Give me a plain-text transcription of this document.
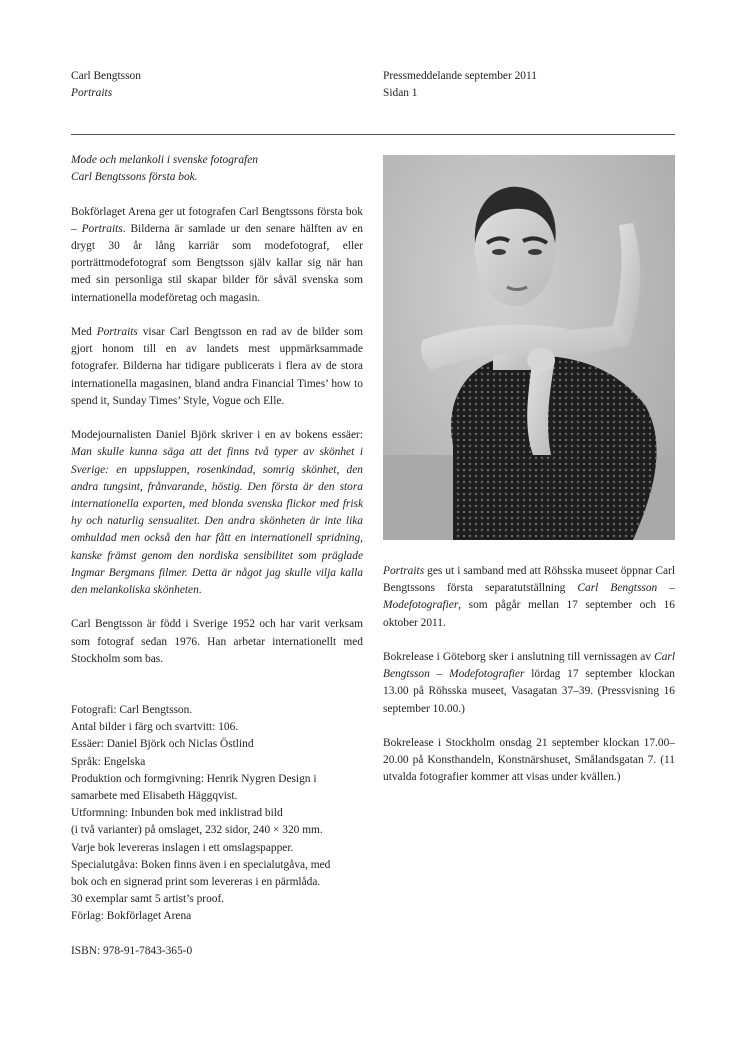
Carl Bengtsson
Portraits
Pressmeddelande september 2011
Sidan 1

Mode och melankoli i svenske fotografen
Carl Bengtssons första bok.

Bokförlaget Arena ger ut fotografen Carl Bengtssons första bok – Portraits. Bilderna är samlade ur den senare hälften av en drygt 30 år lång karriär som modefotograf, eller porträttmodefotograf som Bengtsson själv kallar sig när han med sin personliga stil skapar bilder för såväl svenska som internationella modeföretag och magasin.

Med Portraits visar Carl Bengtsson en rad av de bilder som gjort honom till en av landets mest uppmärksammade fotografer. Bilderna har tidigare publicerats i flera av de stora internationella magasinen, bland andra Financial Times’ how to spend it, Sunday Times’ Style, Vogue och Elle.

Modejournalisten Daniel Björk skriver i en av bokens essäer: Man skulle kunna säga att det finns två typer av skönhet i Sverige: en uppsluppen, rosenkindad, somrig skönhet, den andra tungsint, frånvarande, höstig. Den första är den stora internationella exporten, med blonda svenska flickor med frisk hy och naturlig sensualitet. Den andra skönheten är inte lika omhuldad men också den har fått en internationell spridning, kanske främst genom den nordiska sensibilitet som präglade Ingmar Bergmans filmer. Detta är något jag skulle vilja kalla den melankoliska skönheten.

Carl Bengtsson är född i Sverige 1952 och har varit verksam som fotograf sedan 1976. Han arbetar internationellt med Stockholm som bas.

Fotografi: Carl Bengtsson.
Antal bilder i färg och svartvitt: 106.
Essäer: Daniel Björk och Niclas Östlind
Språk: Engelska
Produktion och formgivning: Henrik Nygren Design i
samarbete med Elisabeth Häggqvist.
Utformning: Inbunden bok med inklistrad bild
(i två varianter) på omslaget, 232 sidor, 240 × 320 mm.
Varje bok levereras inslagen i ett omslagspapper.
Specialutgåva: Boken finns även i en specialutgåva, med
bok och en signerad print som levereras i en pärmlåda.
30 exemplar samt 5 artist’s proof.
Förlag: Bokförlaget Arena
ISBN: 978-91-7843-365-0

Portraits ges ut i samband med att Röhsska museet öppnar Carl Bengtssons första separatutställning Carl Bengtsson – Modefotografier, som pågår mellan 17 september och 16 oktober 2011.

Bokrelease i Göteborg sker i anslutning till vernissagen av Carl Bengtsson – Modefotografier lördag 17 september klockan 13.00 på Röhsska museet, Vasagatan 37–39. (Pressvisning 16 september 10.00.)

Bokrelease i Stockholm onsdag 21 september klockan 17.00–20.00 på Konsthandeln, Konstnärshuset, Smålandsgatan 7. (11 utvalda fotografier kommer att visas under kvällen.)
